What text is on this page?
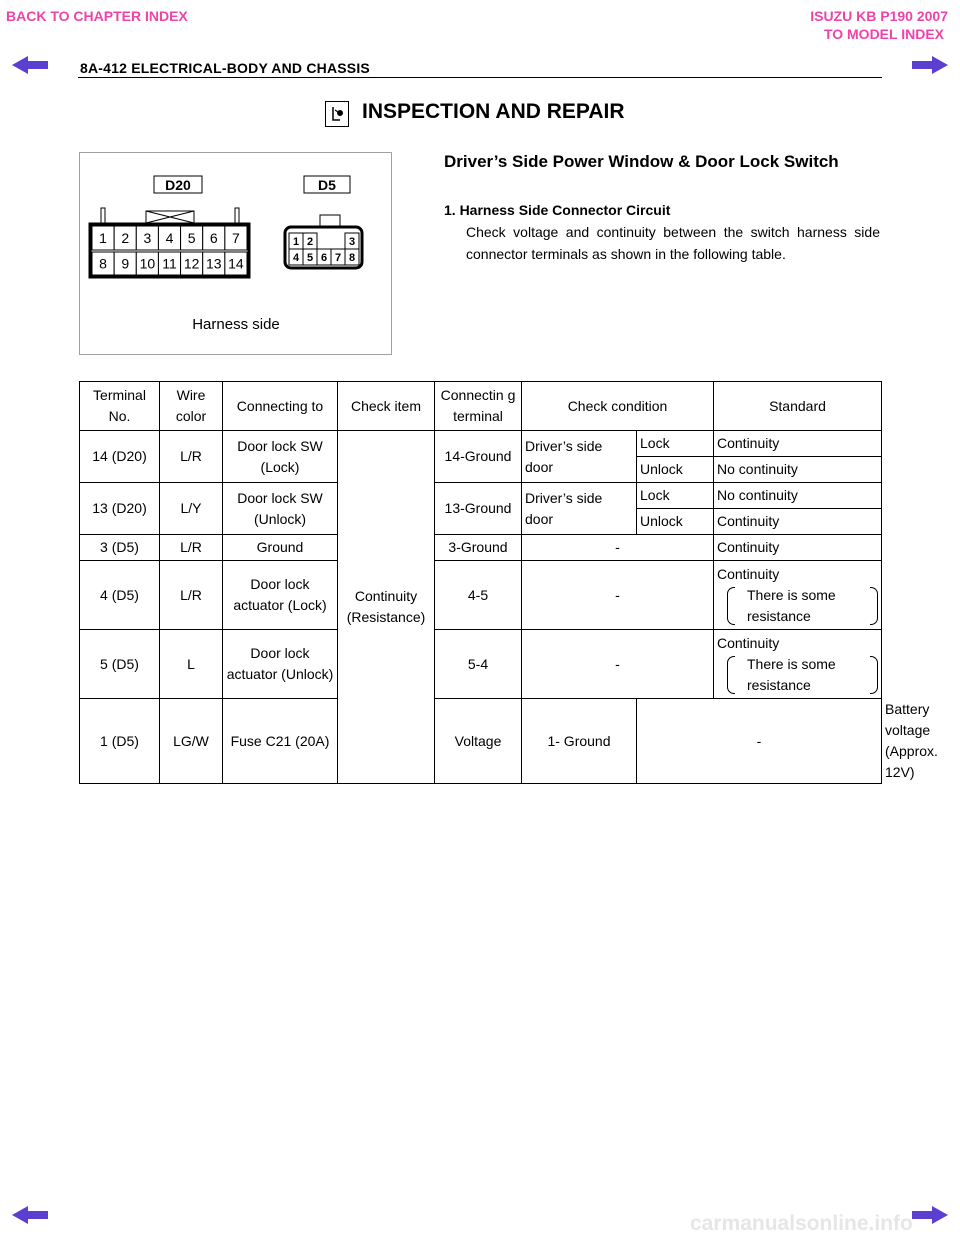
BACK TO CHAPTER INDEX	ISUZU KB P190 2007
TO MODEL INDEX
8A-412 ELECTRICAL-BODY AND CHASSIS
INSPECTION AND REPAIR
D20	D5
1 2 3 4 5 6 7
8 9 10 11 12 13 14
1 2	3
4 5 6 7 8
Harness side
Driver’s Side Power Window & Door Lock Switch
1. Harness Side Connector Circuit
Check voltage and continuity between the switch harness side connector terminals as shown in the following table.
Terminal No.	Wire color	Connecting to	Check item	Connectin g terminal	Check condition		Standard	
14 (D20)	L/R	Door lock SW (Lock)	Continuity (Resistance)	14-Ground	Driver’s side door	Lock	Continuity	
						Unlock	No continuity	
13 (D20)	L/Y	Door lock SW (Unlock)		13-Ground	Driver’s side door	Lock	No continuity	
						Unlock	Continuity	
3 (D5)	L/R	Ground		3-Ground	-		Continuity	
4 (D5)	L/R	Door lock actuator (Lock)		4-5	-		Continuity
There is some resistance	
5 (D5)	L	Door lock actuator (Unlock)		5-4	-		Continuity
There is some resistance	
1 (D5)	LG/W	Fuse C21 (20A)		Voltage	1- Ground	-		Battery voltage (Approx. 12V)
carmanualsonline.info
